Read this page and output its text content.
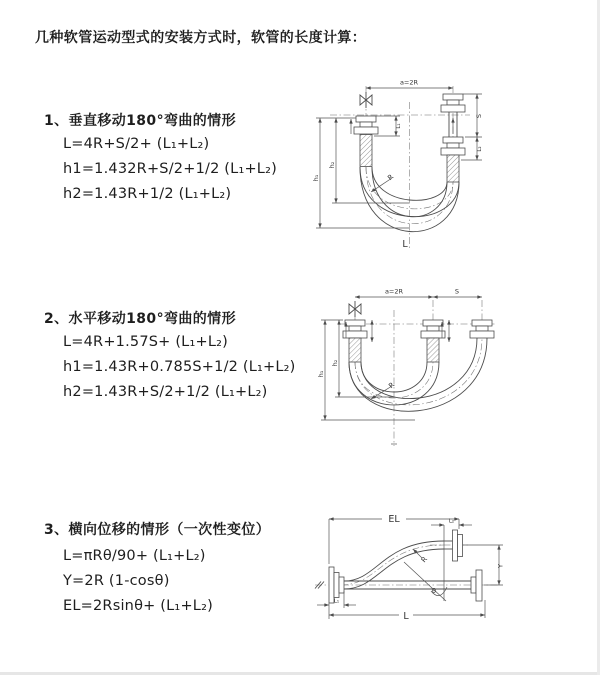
几种软管运动型式的安装方式时，软管的长度计算：
1、垂直移动180°弯曲的情形
L=4R+S/2+ (L₁+L₂)
h1=1.432R+S/2+1/2 (L₁+L₂)
h2=1.43R+1/2 (L₁+L₂)
2、水平移动180°弯曲的情形
L=4R+1.57S+ (L₁+L₂)
h1=1.43R+0.785S+1/2 (L₁+L₂)
h2=1.43R+S/2+1/2 (L₁+L₂)
3、横向位移的情形（一次性变位）
L=πRθ/90+ (L₁+L₂)
Y=2R (1-cosθ)
EL=2Rsinθ+ (L₁+L₂)
a=2R
h₁
h₂
L₁
S
L₂
R
L
a=2R	S
h₁
h₂
R
EL	L₂
L₁
L
Y
θ
R
